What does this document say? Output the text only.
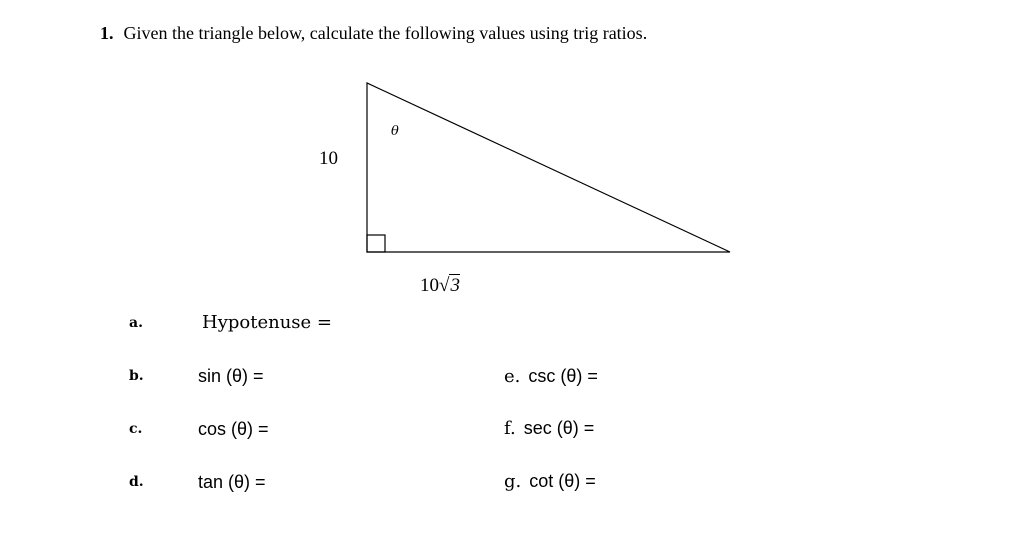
1. Given the triangle below, calculate the following values using trig ratios.
10
θ
10√3
a.	Hypotenuse =
b.	sin (θ) =
c.	cos (θ) =
d.	tan (θ) =
e. csc (θ) =
f. sec (θ) =
g. cot (θ) =
